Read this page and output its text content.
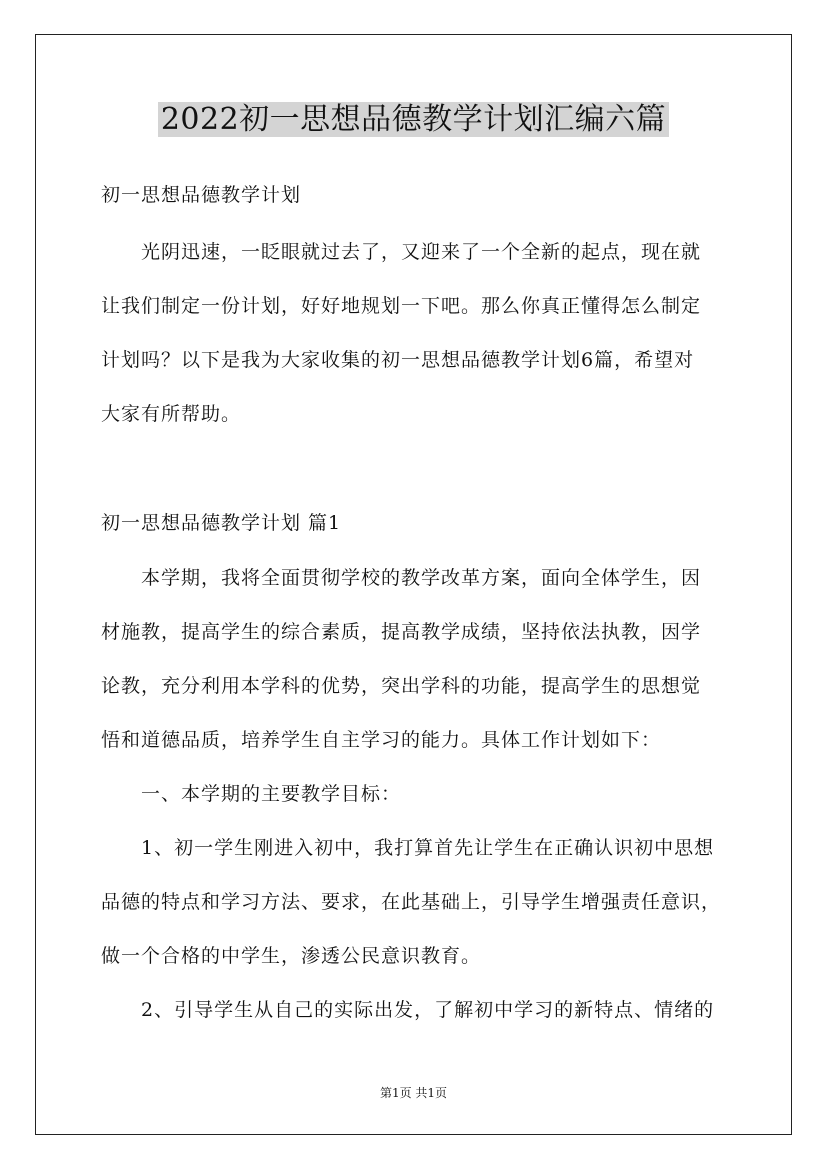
2022初一思想品德教学计划汇编六篇
初一思想品德教学计划
光阴迅速，一眨眼就过去了，又迎来了一个全新的起点，现在就
让我们制定一份计划，好好地规划一下吧。那么你真正懂得怎么制定
计划吗？以下是我为大家收集的初一思想品德教学计划6篇，希望对
大家有所帮助。
初一思想品德教学计划 篇1
本学期，我将全面贯彻学校的教学改革方案，面向全体学生，因
材施教，提高学生的综合素质，提高教学成绩，坚持依法执教，因学
论教，充分利用本学科的优势，突出学科的功能，提高学生的思想觉
悟和道德品质，培养学生自主学习的能力。具体工作计划如下：
一、本学期的主要教学目标：
1、初一学生刚进入初中，我打算首先让学生在正确认识初中思想
品德的特点和学习方法、要求，在此基础上，引导学生增强责任意识，
做一个合格的中学生，渗透公民意识教育。
2、引导学生从自己的实际出发，了解初中学习的新特点、情绪的
第1页 共1页
